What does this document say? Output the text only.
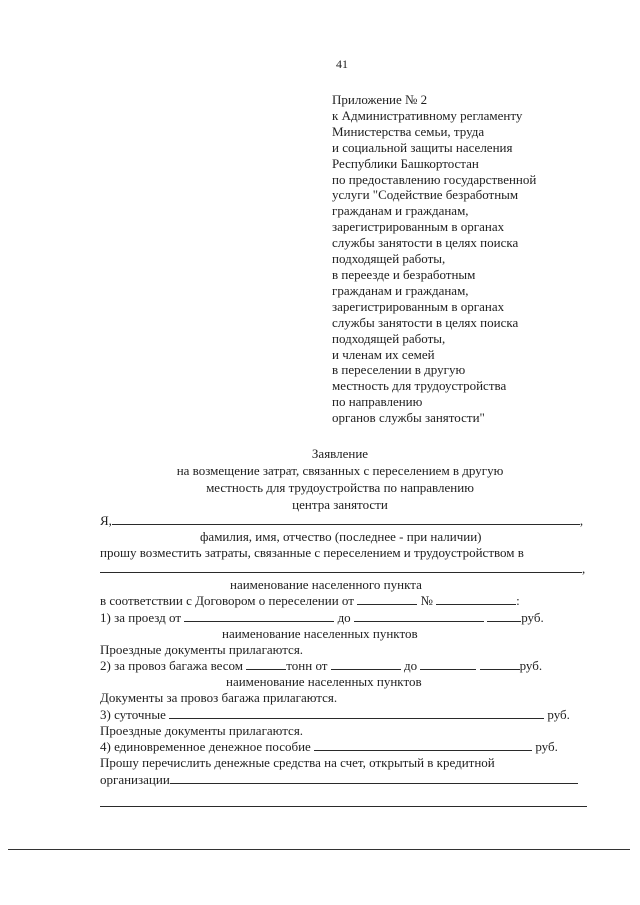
41
Приложение № 2
к Административному регламенту
Министерства семьи, труда
и социальной защиты населения
Республики Башкортостан
по предоставлению государственной
услуги "Содействие безработным
гражданам и гражданам,
зарегистрированным в органах
службы занятости в целях поиска
подходящей работы,
в переезде и безработным
гражданам и гражданам,
зарегистрированным в органах
службы занятости в целях поиска
подходящей работы,
и членам их семей
в переселении в другую
местность для трудоустройства
по направлению
органов службы занятости"
Заявление
на возмещение затрат, связанных с переселением в другую
местность для трудоустройства по направлению
центра занятости
Я,	,
фамилия, имя, отчество (последнее - при наличии)
прошу возместить затраты, связанные с переселением и трудоустройством в
,
наименование населенного пункта
в соответствии с Договором о переселении от	№	:
1) за проезд от	до	руб.
наименование населенных пунктов
Проездные документы прилагаются.
2) за провоз багажа весом	тонн от	до	руб.
наименование населенных пунктов
Документы за провоз багажа прилагаются.
3) суточные	руб.
Проездные документы прилагаются.
4) единовременное денежное пособие	руб.
Прошу перечислить денежные средства на счет, открытый в кредитной
организации
